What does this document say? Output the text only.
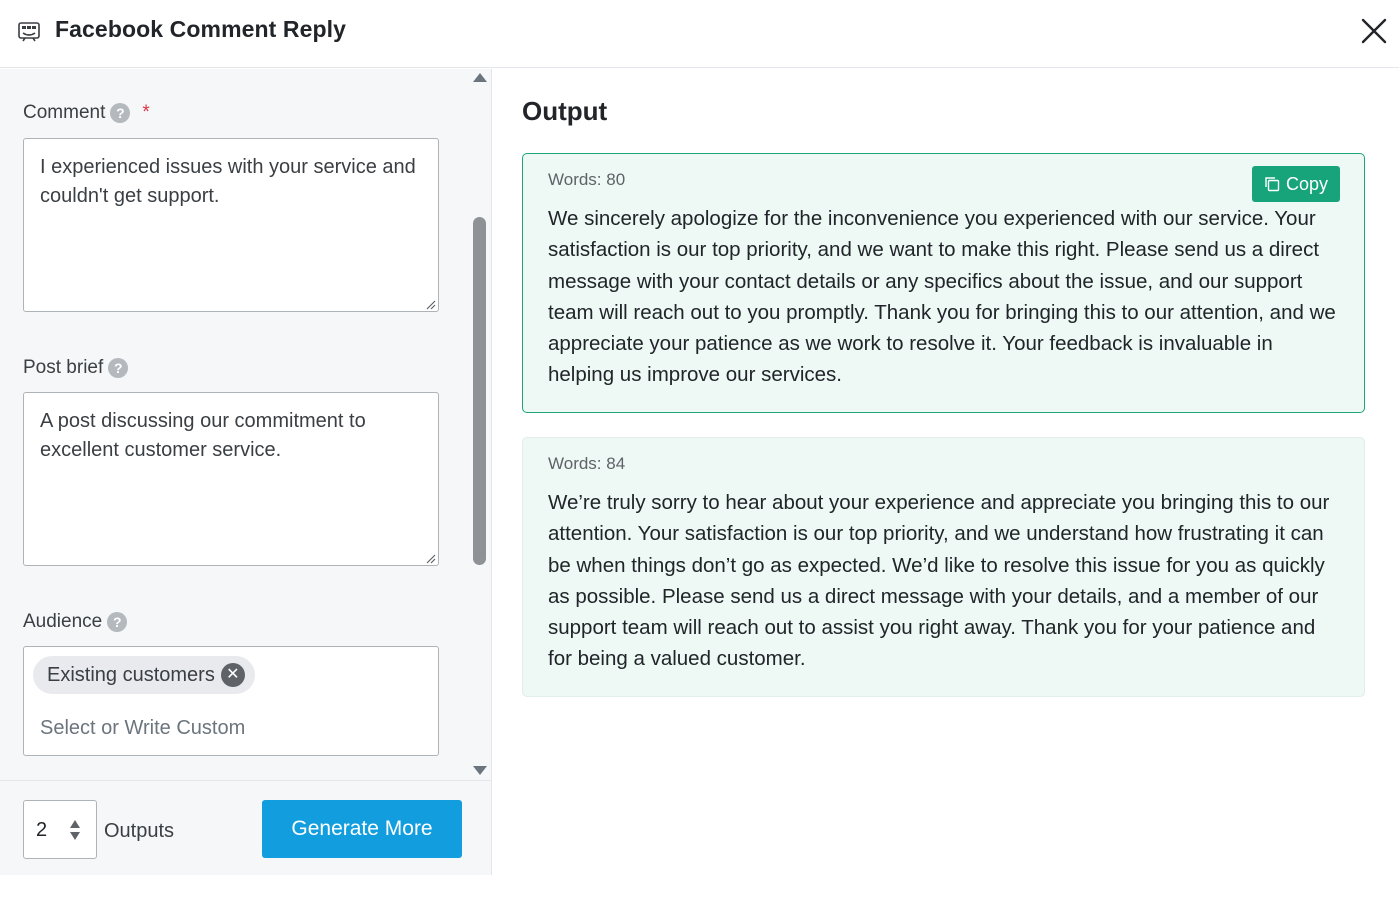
Facebook Comment Reply
Comment ? *
I experienced issues with your service and couldn't get support.
Post brief ?
A post discussing our commitment to excellent customer service.
Audience ?
Existing customers ✕
Select or Write Custom
2	Outputs	Generate More
Output
Words: 80	Copy
We sincerely apologize for the inconvenience you experienced with our service. Your satisfaction is our top priority, and we want to make this right. Please send us a direct message with your contact details or any specifics about the issue, and our support team will reach out to you promptly. Thank you for bringing this to our attention, and we appreciate your patience as we work to resolve it. Your feedback is invaluable in helping us improve our services.
Words: 84
We’re truly sorry to hear about your experience and appreciate you bringing this to our attention. Your satisfaction is our top priority, and we understand how frustrating it can be when things don’t go as expected. We’d like to resolve this issue for you as quickly as possible. Please send us a direct message with your details, and a member of our support team will reach out to assist you right away. Thank you for your patience and for being a valued customer.
